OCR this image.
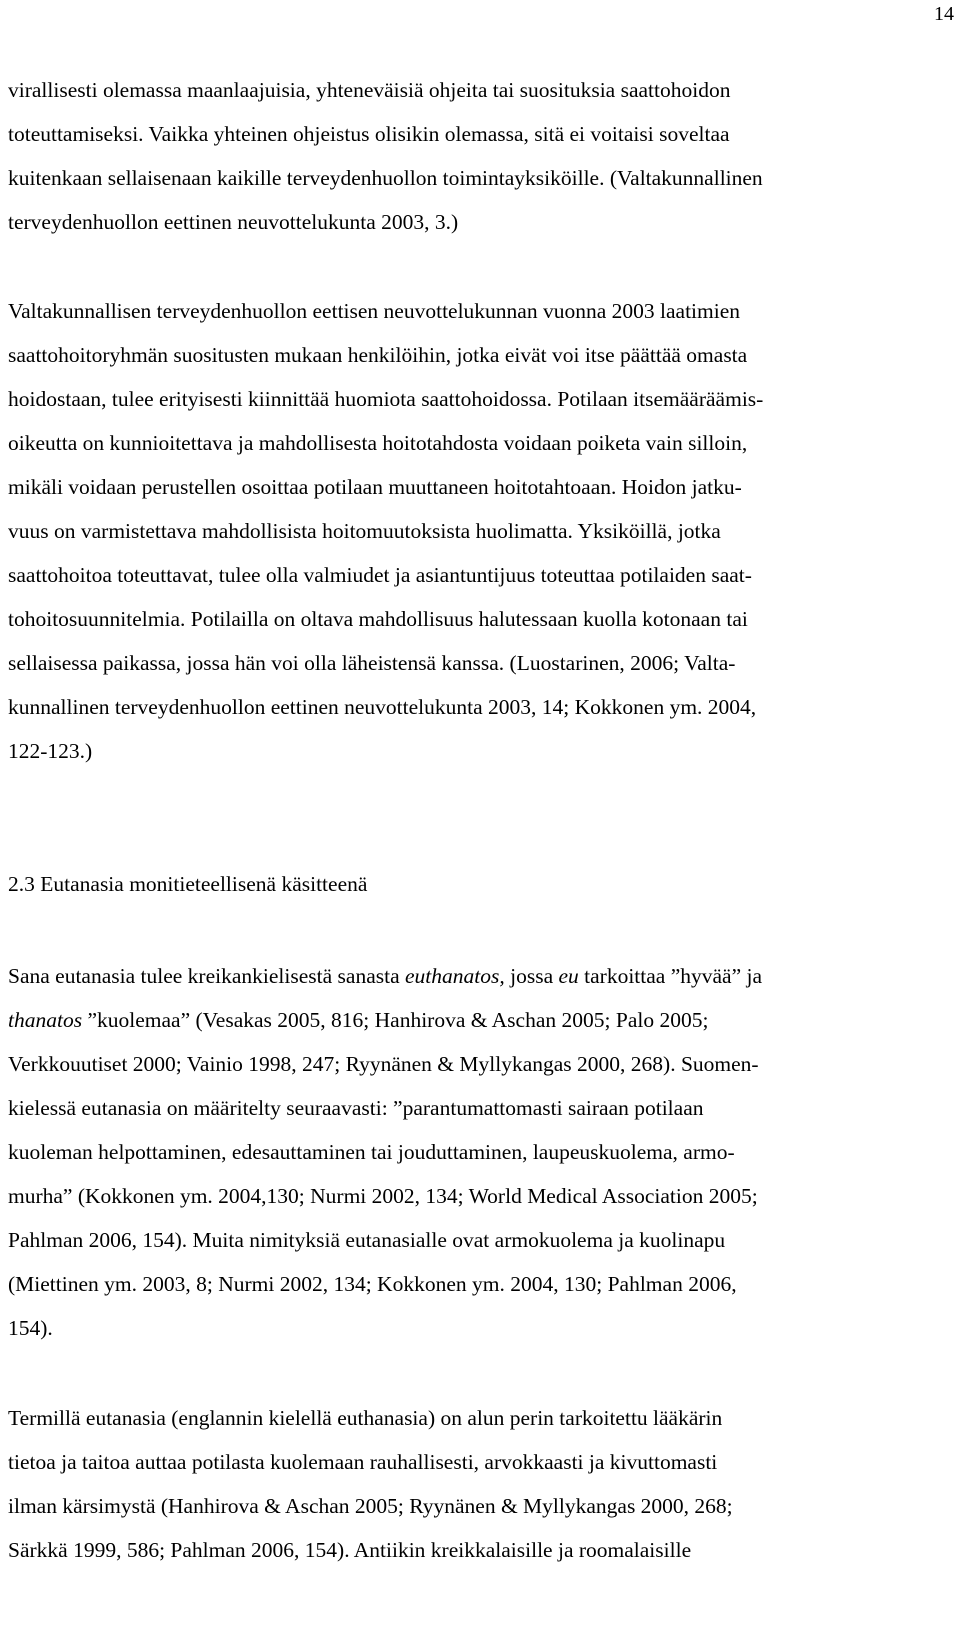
14
virallisesti olemassa maanlaajuisia, yhteneväisiä ohjeita tai suosituksia saattohoidon
toteuttamiseksi. Vaikka yhteinen ohjeistus olisikin olemassa, sitä ei voitaisi soveltaa
kuitenkaan sellaisenaan kaikille terveydenhuollon toimintayksiköille. (Valtakunnallinen
terveydenhuollon eettinen neuvottelukunta 2003, 3.)
Valtakunnallisen terveydenhuollon eettisen neuvottelukunnan vuonna 2003 laatimien
saattohoitoryhmän suositusten mukaan henkilöihin, jotka eivät voi itse päättää omasta
hoidostaan, tulee erityisesti kiinnittää huomiota saattohoidossa. Potilaan itsemääräämis-
oikeutta on kunnioitettava ja mahdollisesta hoitotahdosta voidaan poiketa vain silloin,
mikäli voidaan perustellen osoittaa potilaan muuttaneen hoitotahtoaan. Hoidon jatku-
vuus on varmistettava mahdollisista hoitomuutoksista huolimatta. Yksiköillä, jotka
saattohoitoa toteuttavat, tulee olla valmiudet ja asiantuntijuus toteuttaa potilaiden saat-
tohoitosuunnitelmia. Potilailla on oltava mahdollisuus halutessaan kuolla kotonaan tai
sellaisessa paikassa, jossa hän voi olla läheistensä kanssa. (Luostarinen, 2006; Valta-
kunnallinen terveydenhuollon eettinen neuvottelukunta 2003, 14; Kokkonen ym. 2004,
122-123.)
2.3 Eutanasia monitieteellisenä käsitteenä
Sana eutanasia tulee kreikankielisestä sanasta euthanatos, jossa eu tarkoittaa ”hyvää” ja
thanatos ”kuolemaa” (Vesakas 2005, 816; Hanhirova & Aschan 2005; Palo 2005;
Verkkouutiset 2000; Vainio 1998, 247; Ryynänen & Myllykangas 2000, 268). Suomen-
kielessä eutanasia on määritelty seuraavasti: ”parantumattomasti sairaan potilaan
kuoleman helpottaminen, edesauttaminen tai jouduttaminen, laupeuskuolema, armo-
murha” (Kokkonen ym. 2004,130; Nurmi 2002, 134; World Medical Association 2005;
Pahlman 2006, 154). Muita nimityksiä eutanasialle ovat armokuolema ja kuolinapu
(Miettinen ym. 2003, 8; Nurmi 2002, 134; Kokkonen ym. 2004, 130; Pahlman 2006,
154).
Termillä eutanasia (englannin kielellä euthanasia) on alun perin tarkoitettu lääkärin
tietoa ja taitoa auttaa potilasta kuolemaan rauhallisesti, arvokkaasti ja kivuttomasti
ilman kärsimystä (Hanhirova & Aschan 2005; Ryynänen & Myllykangas 2000, 268;
Särkkä 1999, 586; Pahlman 2006, 154). Antiikin kreikkalaisille ja roomalaisille
